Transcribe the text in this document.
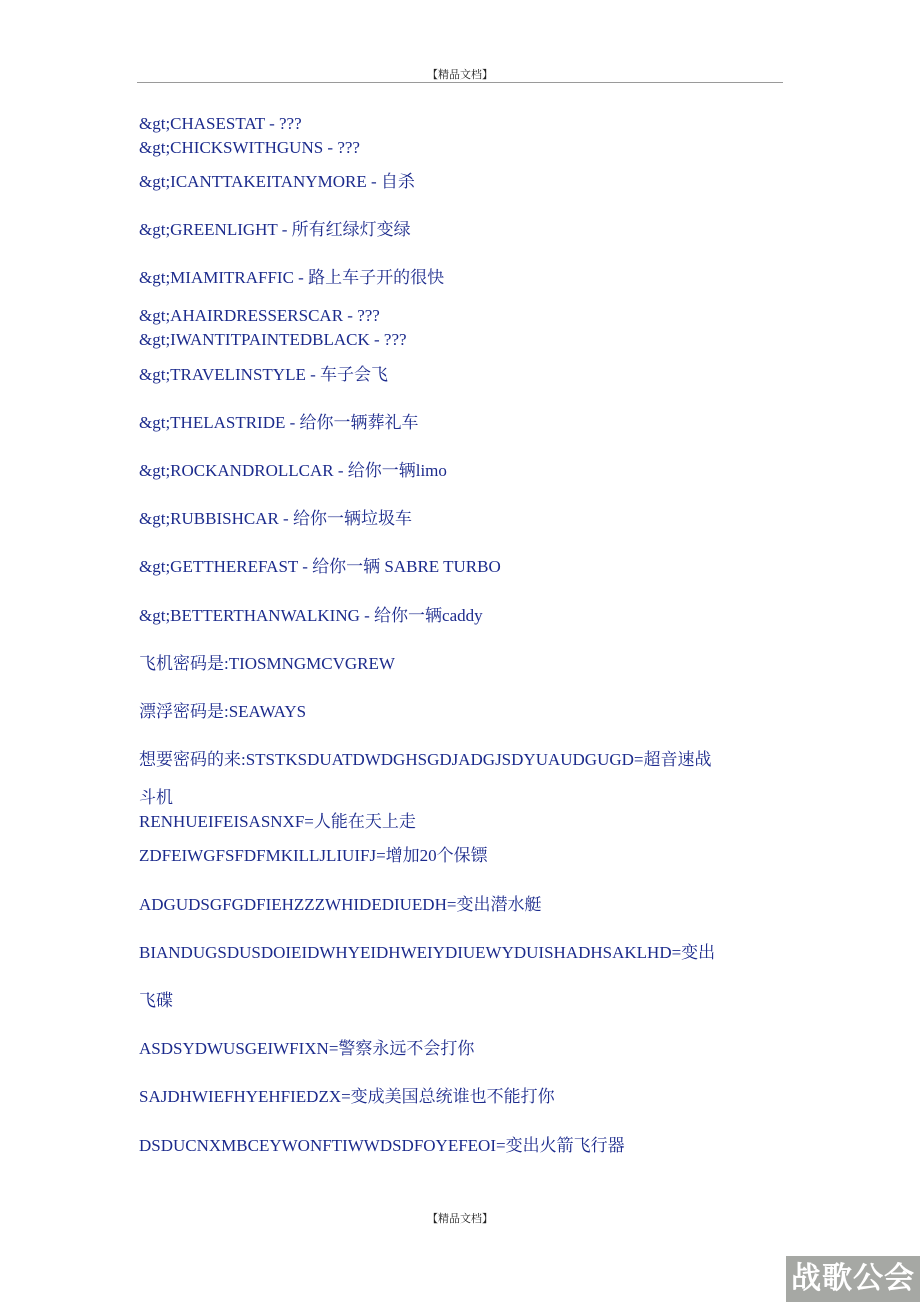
【精品文档】
&gt;CHASESTAT - ???
&gt;CHICKSWITHGUNS - ???
&gt;ICANTTAKEITANYMORE - 自杀
&gt;GREENLIGHT - 所有红绿灯变绿
&gt;MIAMITRAFFIC - 路上车子开的很快
&gt;AHAIRDRESSERSCAR - ???
&gt;IWANTITPAINTEDBLACK - ???
&gt;TRAVELINSTYLE - 车子会飞
&gt;THELASTRIDE - 给你一辆葬礼车
&gt;ROCKANDROLLCAR - 给你一辆limo
&gt;RUBBISHCAR - 给你一辆垃圾车
&gt;GETTHEREFAST - 给你一辆 SABRE TURBO
&gt;BETTERTHANWALKING - 给你一辆caddy
飞机密码是:TIOSMNGMCVGREW
漂浮密码是:SEAWAYS
想要密码的来:STSTKSDUATDWDGHSGDJADGJSDYUAUDGUGD=超音速战
斗机
RENHUEIFEISASNXF=人能在天上走
ZDFEIWGFSFDFMKILLJLIUIFJ=增加20个保镖
ADGUDSGFGDFIEHZZZWHIDEDIUEDH=变出潜水艇
BIANDUGSDUSDOIEIDWHYEIDHWEIYDIUEWYDUISHADHSAKLHD=变出
飞碟
ASDSYDWUSGEIWFIXN=警察永远不会打你
SAJDHWIEFHYEHFIEDZX=变成美国总统谁也不能打你
DSDUCNXMBCEYWONFTIWWDSDFOYEFEOI=变出火箭飞行器
【精品文档】
战歌公会
